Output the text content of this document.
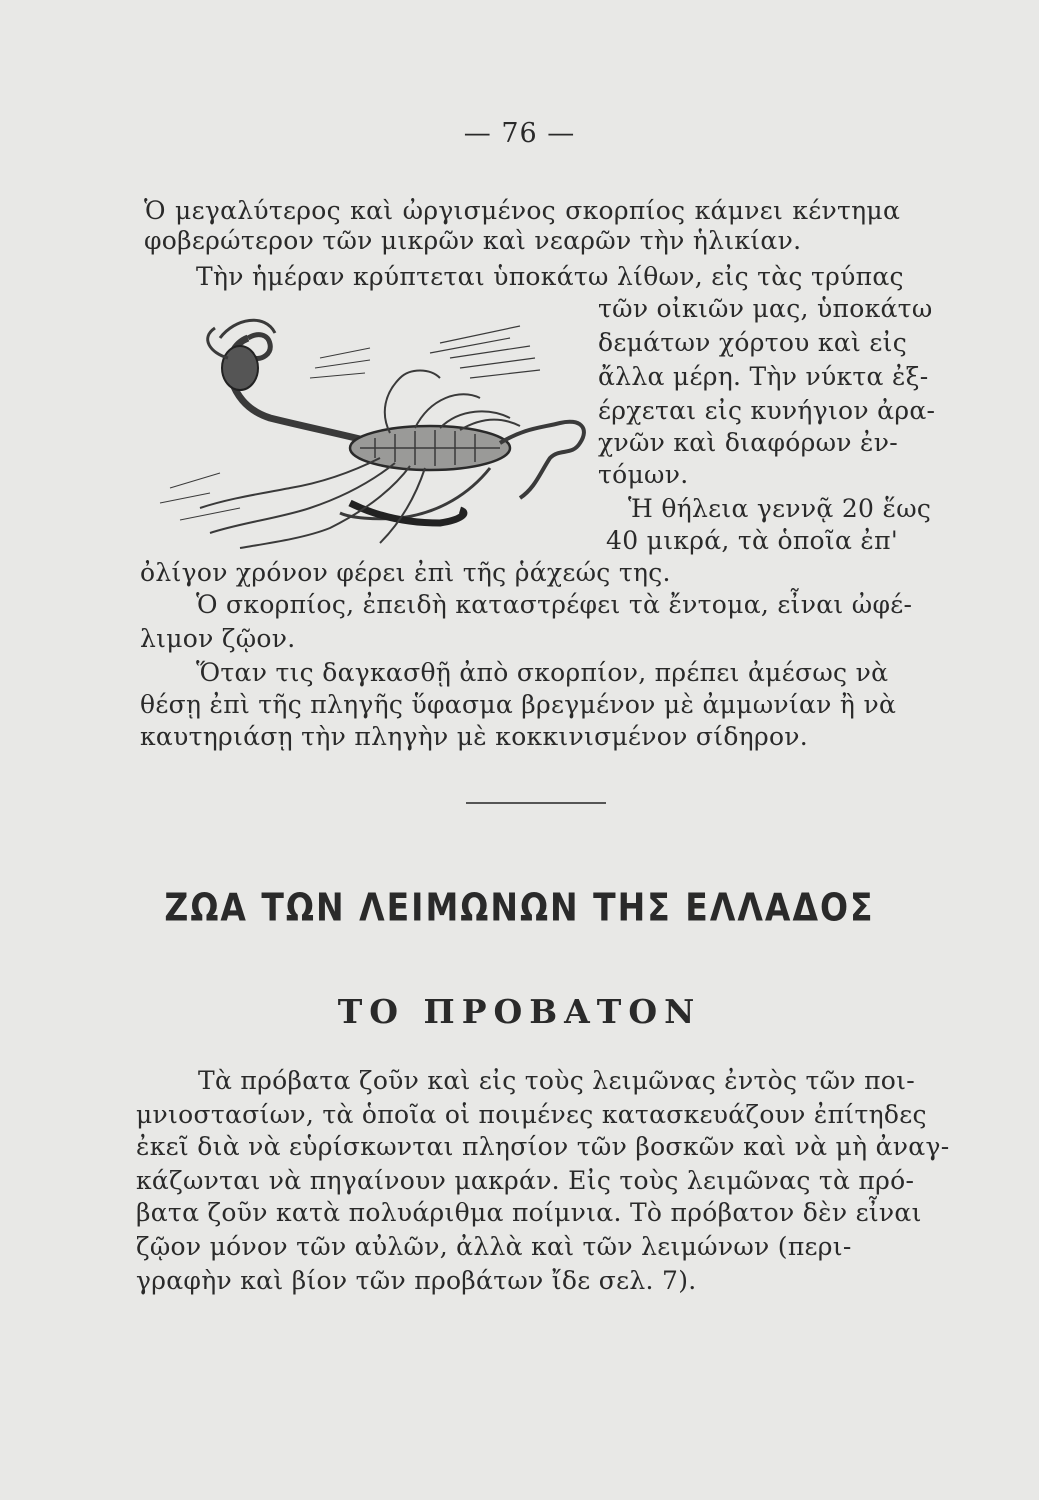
— 76 —
Ὁ μεγαλύτερος καὶ ὠργισμένος σκορπίος κάμνει κέντημα
φοβερώτερον τῶν μικρῶν καὶ νεαρῶν τὴν ἡλικίαν.
Τὴν ἡμέραν κρύπτεται ὑποκάτω λίθων, εἰς τὰς τρύπας
τῶν οἰκιῶν μας, ὑποκάτω
δεμάτων χόρτου καὶ εἰς
ἄλλα μέρη. Τὴν νύκτα ἐξ-
έρχεται εἰς κυνήγιον ἀρα-
χνῶν καὶ διαφόρων ἐν-
τόμων.
Ἡ θήλεια γεννᾷ 20 ἕως
40 μικρά, τὰ ὁποῖα ἐπ'
ὀλίγον χρόνον φέρει ἐπὶ τῆς ῥάχεώς της.
Ὁ σκορπίος, ἐπειδὴ καταστρέφει τὰ ἔντομα, εἶναι ὠφέ-
λιμον ζῷον.
Ὅταν τις δαγκασθῇ ἀπὸ σκορπίον, πρέπει ἀμέσως νὰ
θέσῃ ἐπὶ τῆς πληγῆς ὕφασμα βρεγμένον μὲ ἀμμωνίαν ἢ νὰ
καυτηριάσῃ τὴν πληγὴν μὲ κοκκινισμένον σίδηρον.
ΖΩΑ ΤΩΝ ΛΕΙΜΩΝΩΝ ΤΗΣ ΕΛΛΑΔΟΣ
ΤΟ ΠΡΟΒΑΤΟΝ
Τὰ πρόβατα ζοῦν καὶ εἰς τοὺς λειμῶνας ἐντὸς τῶν ποι-
μνιοστασίων, τὰ ὁποῖα οἱ ποιμένες κατασκευάζουν ἐπίτηδες
ἐκεῖ διὰ νὰ εὑρίσκωνται πλησίον τῶν βοσκῶν καὶ νὰ μὴ ἀναγ-
κάζωνται νὰ πηγαίνουν μακράν. Εἰς τοὺς λειμῶνας τὰ πρό-
βατα ζοῦν κατὰ πολυάριθμα ποίμνια. Τὸ πρόβατον δὲν εἶναι
ζῷον μόνον τῶν αὐλῶν, ἀλλὰ καὶ τῶν λειμώνων (περι-
γραφὴν καὶ βίον τῶν προβάτων ἴδε σελ. 7).
